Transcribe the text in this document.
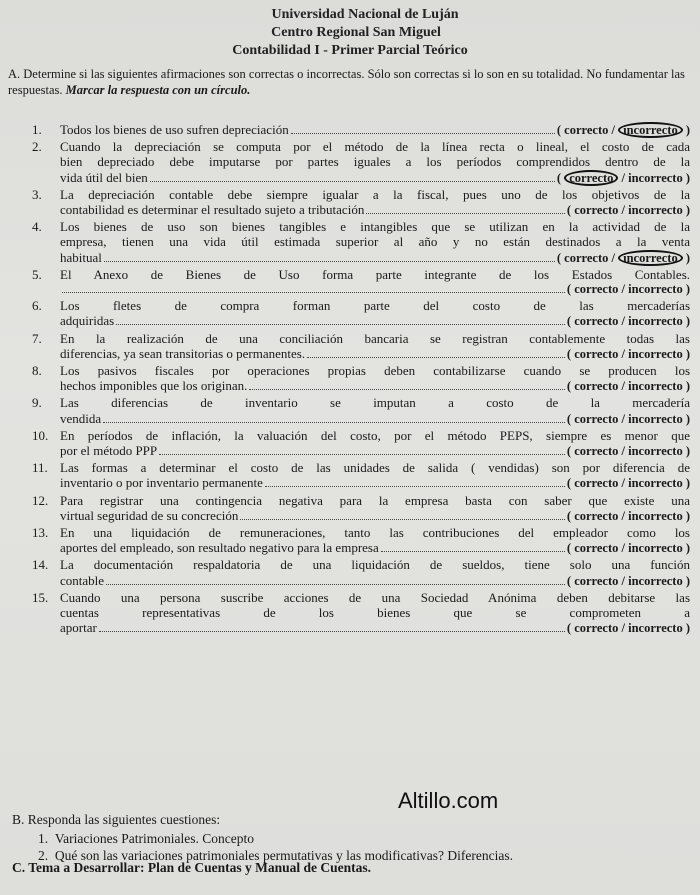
Universidad Nacional de Luján
Centro Regional San Miguel
Contabilidad I - Primer Parcial Teórico
A. Determine si las siguientes afirmaciones son correctas o incorrectas. Sólo son correctas si lo son en su totalidad. No fundamentar las respuestas. Marcar la respuesta con un círculo.
1.	Todos los bienes de uso sufren depreciación	( correcto / incorrecto )
2.	Cuando la depreciación se computa por el método de la línea recta o lineal, el costo de cada
bien depreciado debe imputarse por partes iguales a los períodos comprendidos dentro de la
vida útil del bien	( correcto / incorrecto )
3.	La depreciación contable debe siempre igualar a la fiscal, pues uno de los objetivos de la
contabilidad es determinar el resultado sujeto a tributación	( correcto / incorrecto )
4.	Los bienes de uso son bienes tangibles e intangibles que se utilizan en la actividad de la
empresa, tienen una vida útil estimada superior al año y no están destinados a la venta
habitual	( correcto / incorrecto )
5.	El Anexo de Bienes de Uso forma parte integrante de los Estados Contables.
( correcto / incorrecto )
6.	Los fletes de compra forman parte del costo de las mercaderías
adquiridas	( correcto / incorrecto )
7.	En la realización de una conciliación bancaria se registran contablemente todas las
diferencias, ya sean transitorias o permanentes.	( correcto / incorrecto )
8.	Los pasivos fiscales por operaciones propias deben contabilizarse cuando se producen los
hechos imponibles que los originan.	( correcto / incorrecto )
9.	Las diferencias de inventario se imputan a costo de la mercadería
vendida	( correcto / incorrecto )
10. En períodos de inflación, la valuación del costo, por el método PEPS, siempre es menor que
por el método PPP	( correcto / incorrecto )
11. Las formas a determinar el costo de las unidades de salida ( vendidas) son por diferencia de
inventario o por inventario permanente	( correcto / incorrecto )
12. Para registrar una contingencia negativa para la empresa basta con saber que existe una
virtual seguridad de su concreción	( correcto / incorrecto )
13. En una liquidación de remuneraciones, tanto las contribuciones del empleador como los
aportes del empleado, son resultado negativo para la empresa	( correcto / incorrecto )
14. La documentación respaldatoria de una liquidación de sueldos, tiene solo una función
contable	( correcto / incorrecto )
15. Cuando una persona suscribe acciones de una Sociedad Anónima deben debitarse las
cuentas representativas de los bienes que se comprometen a
aportar	( correcto / incorrecto )
Altillo.com
B. Responda las siguientes cuestiones:
1. Variaciones Patrimoniales. Concepto
2. Qué son las variaciones patrimoniales permutativas y las modificativas? Diferencias.
C. Tema a Desarrollar: Plan de Cuentas y Manual de Cuentas.
